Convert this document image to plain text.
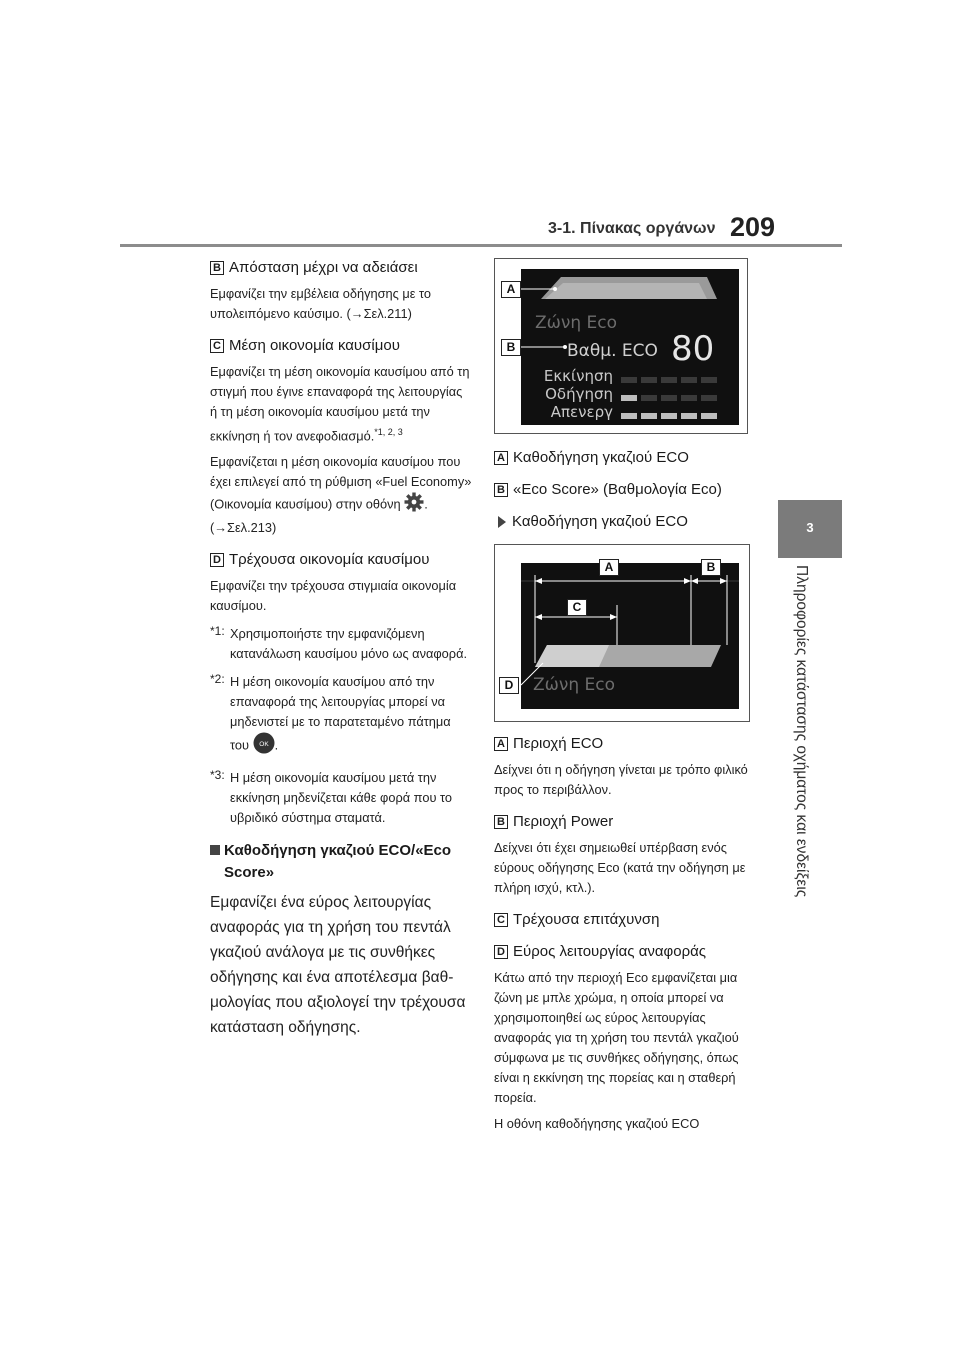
3-1. Πίνακας οργάνων 209
3
Πληροφορίες κατάστασης οχήματος και ενδείξεις
B Απόσταση μέχρι να αδειάσει
Εμφανίζει την εμβέλεια οδήγησης με το υπολειπόμενο καύσιμο. (→Σελ.211)
C Μέση οικονομία καυσίμου
Εμφανίζει τη μέση οικονομία καυσίμου από τη στιγμή που έγινε επαναφορά της λειτουργίας ή τη μέση οικονομία καυσίμου μετά την εκκίνηση ή τον ανεφοδιασμό.$^{*1, 2, 3}$
Εμφανίζεται η μέση οικονομία καυσίμου που έχει επιλεγεί από τη ρύθμιση «Fuel Economy» (Οικονομία καυσίμου) στην οθόνη . (→Σελ.213)
D Τρέχουσα οικονομία καυσίμου
Εμφανίζει την τρέχουσα στιγμιαία οικονομία καυσίμου.
*1: Χρησιμοποιήστε την εμφανιζόμενη κατανάλωση καυσίμου μόνο ως αναφορά.
*2: Η μέση οικονομία καυσίμου από την επαναφορά της λειτουργίας μπορεί να μηδενιστεί με το παρατεταμένο πάτημα του OK .
*3: Η μέση οικονομία καυσίμου μετά την εκκίνηση μηδενίζεται κάθε φορά που το υβριδικό σύστημα σταματά.
Καθοδήγηση γκαζιού ECO/«Eco Score»
Εμφανίζει ένα εύρος λειτουργίας αναφοράς για τη χρήση του πεντάλ γκαζιού ανάλογα με τις συνθήκες οδήγησης και ένα αποτέλεσμα βαθμολογίας που αξιολογεί την τρέχουσα κατάσταση οδήγησης.
Ζώνη Eco
Βαθμ. ECO 80
Εκκίνηση
Οδήγηση
Απενεργ
A
B
A Καθοδήγηση γκαζιού ECO
B «Eco Score» (Βαθμολογία Eco)
Καθοδήγηση γκαζιού ECO
Ζώνη Eco
A	B
C
D
A Περιοχή ECO
Δείχνει ότι η οδήγηση γίνεται με τρόπο φιλικό προς το περιβάλλον.
B Περιοχή Power
Δείχνει ότι έχει σημειωθεί υπέρβαση ενός εύρους οδήγησης Eco (κατά την οδήγηση με πλήρη ισχύ, κτλ.).
C Τρέχουσα επιτάχυνση
D Εύρος λειτουργίας αναφοράς
Κάτω από την περιοχή Eco εμφανίζεται μια ζώνη με μπλε χρώμα, η οποία μπορεί να χρησιμοποιηθεί ως εύρος λειτουργίας αναφοράς για τη χρήση του πεντάλ γκαζιού σύμφωνα με τις συνθήκες οδήγησης, όπως είναι η εκκίνηση της πορείας και η σταθερή πορεία.
Η οθόνη καθοδήγησης γκαζιού ECO
